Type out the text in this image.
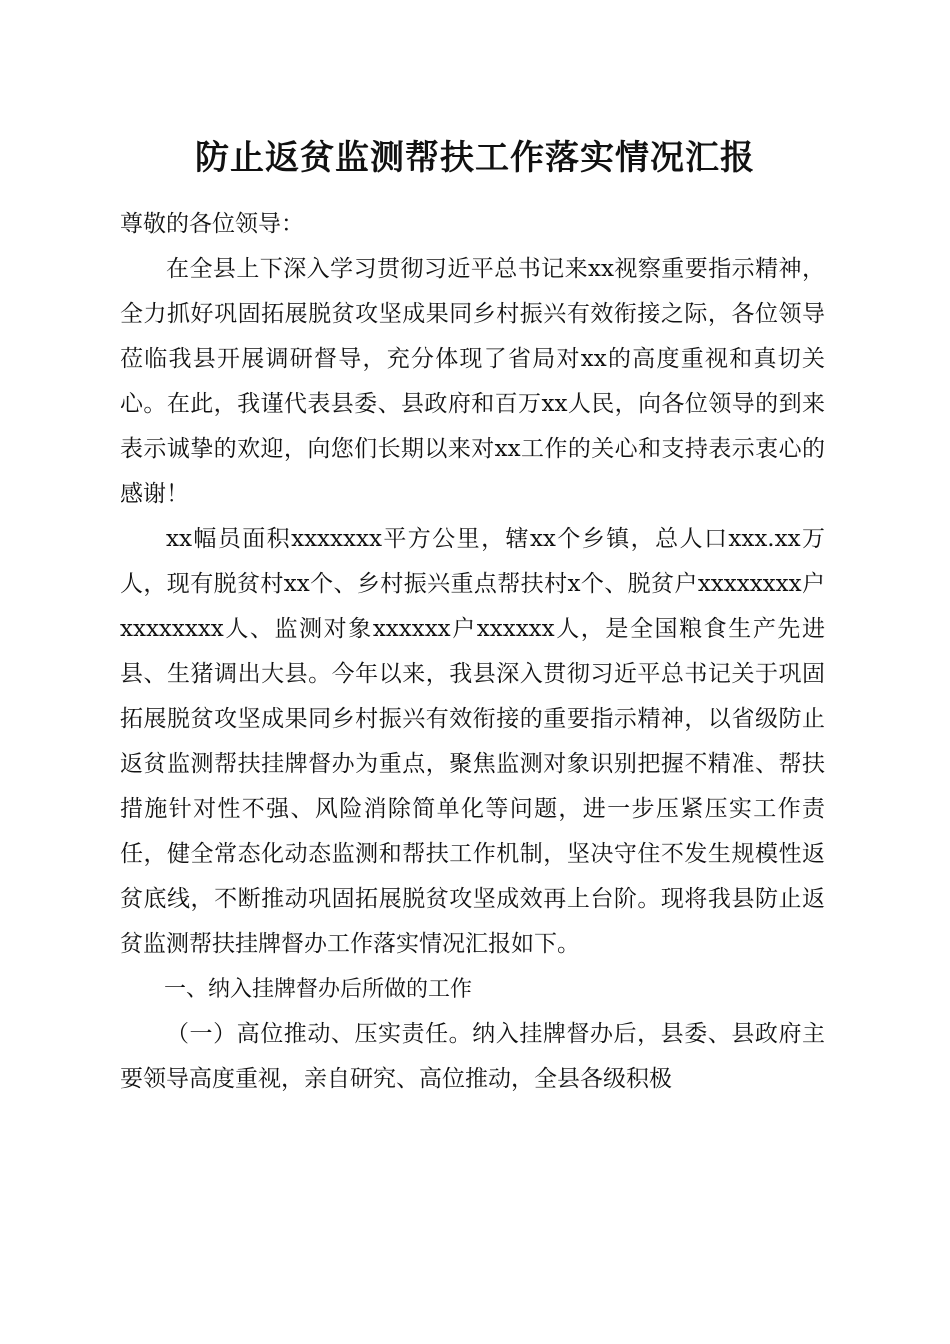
防止返贫监测帮扶工作落实情况汇报

尊敬的各位领导：

在全县上下深入学习贯彻习近平总书记来xx视察重要指示精神，全力抓好巩固拓展脱贫攻坚成果同乡村振兴有效衔接之际，各位领导莅临我县开展调研督导，充分体现了省局对xx的高度重视和真切关心。在此，我谨代表县委、县政府和百万xx人民，向各位领导的到来表示诚挚的欢迎，向您们长期以来对xx工作的关心和支持表示衷心的感谢！

xx幅员面积xxxxxxx平方公里，辖xx个乡镇，总人口xxx.xx万人，现有脱贫村xx个、乡村振兴重点帮扶村x个、脱贫户xxxxxxxx户xxxxxxxx人、监测对象xxxxxx户xxxxxx人，是全国粮食生产先进县、生猪调出大县。今年以来，我县深入贯彻习近平总书记关于巩固拓展脱贫攻坚成果同乡村振兴有效衔接的重要指示精神，以省级防止返贫监测帮扶挂牌督办为重点，聚焦监测对象识别把握不精准、帮扶措施针对性不强、风险消除简单化等问题，进一步压紧压实工作责任，健全常态化动态监测和帮扶工作机制，坚决守住不发生规模性返贫底线，不断推动巩固拓展脱贫攻坚成效再上台阶。现将我县防止返贫监测帮扶挂牌督办工作落实情况汇报如下。

一、纳入挂牌督办后所做的工作

（一）高位推动、压实责任。纳入挂牌督办后，县委、县政府主要领导高度重视，亲自研究、高位推动，全县各级积极
